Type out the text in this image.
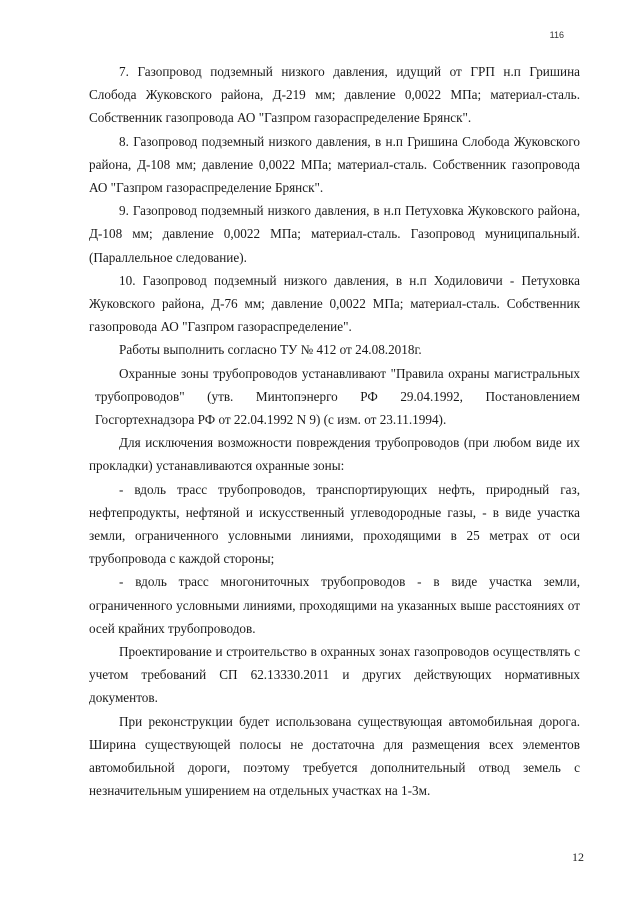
116

7. Газопровод подземный низкого давления, идущий от ГРП н.п Гришина Слобода Жуковского района, Д-219 мм; давление 0,0022 МПа; материал-сталь. Собственник газопровода АО "Газпром газораспределение Брянск".

8. Газопровод подземный низкого давления, в н.п Гришина Слобода Жуковского района, Д-108 мм; давление 0,0022 МПа; материал-сталь. Собственник газопровода АО "Газпром газораспределение Брянск".

9. Газопровод подземный низкого давления, в н.п Петуховка Жуковского района, Д-108 мм; давление 0,0022 МПа; материал-сталь. Газопровод муниципальный. (Параллельное следование).

10. Газопровод подземный низкого давления, в н.п Ходиловичи - Петуховка Жуковского района, Д-76 мм; давление 0,0022 МПа; материал-сталь. Собственник газопровода АО "Газпром газораспределение".

Работы выполнить согласно ТУ № 412 от 24.08.2018г.

Охранные зоны трубопроводов устанавливают "Правила охраны магистральных трубопроводов" (утв. Минтопэнерго РФ 29.04.1992, Постановлением Госгортехнадзора РФ от 22.04.1992 N 9) (с изм. от 23.11.1994).

Для исключения возможности повреждения трубопроводов (при любом виде их прокладки) устанавливаются охранные зоны:

- вдоль трасс трубопроводов, транспортирующих нефть, природный газ, нефтепродукты, нефтяной и искусственный углеводородные газы, - в виде участка земли, ограниченного условными линиями, проходящими в 25 метрах от оси трубопровода с каждой стороны;

- вдоль трасс многониточных трубопроводов - в виде участка земли, ограниченного условными линиями, проходящими на указанных выше расстояниях от осей крайних трубопроводов.

Проектирование и строительство в охранных зонах газопроводов осуществлять с учетом требований СП 62.13330.2011 и других действующих нормативных документов.

При реконструкции будет использована существующая автомобильная дорога. Ширина существующей полосы не достаточна для размещения всех элементов автомобильной дороги, поэтому требуется дополнительный отвод земель с незначительным уширением на отдельных участках на 1-3м.

12
